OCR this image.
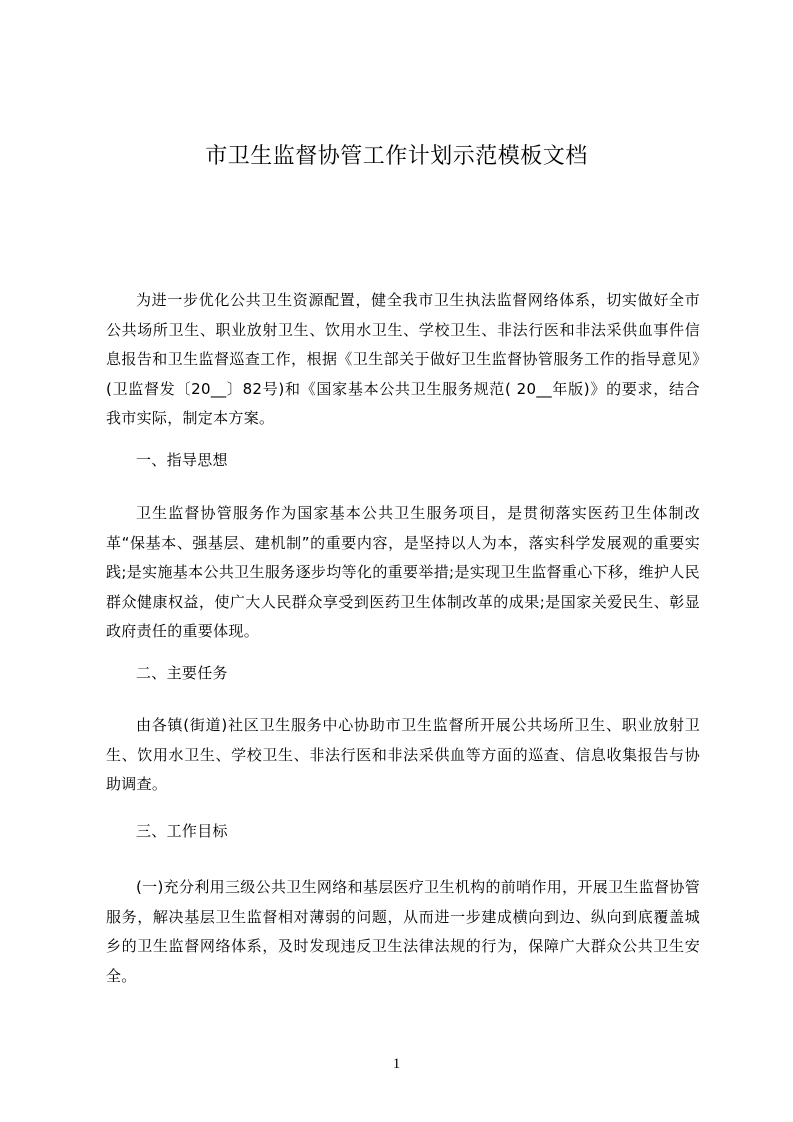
市卫生监督协管工作计划示范模板文档

为进一步优化公共卫生资源配置，健全我市卫生执法监督网络体系，切实做好全市公共场所卫生、职业放射卫生、饮用水卫生、学校卫生、非法行医和非法采供血事件信息报告和卫生监督巡查工作，根据《卫生部关于做好卫生监督协管服务工作的指导意见》(卫监督发〔20__〕82号)和《国家基本公共卫生服务规范( 20__年版)》的要求，结合我市实际，制定本方案。

一、指导思想

卫生监督协管服务作为国家基本公共卫生服务项目，是贯彻落实医药卫生体制改革“保基本、强基层、建机制”的重要内容，是坚持以人为本，落实科学发展观的重要实践;是实施基本公共卫生服务逐步均等化的重要举措;是实现卫生监督重心下移，维护人民群众健康权益，使广大人民群众享受到医药卫生体制改革的成果;是国家关爱民生、彰显政府责任的重要体现。

二、主要任务

由各镇(街道)社区卫生服务中心协助市卫生监督所开展公共场所卫生、职业放射卫生、饮用水卫生、学校卫生、非法行医和非法采供血等方面的巡查、信息收集报告与协助调查。

三、工作目标

(一)充分利用三级公共卫生网络和基层医疗卫生机构的前哨作用，开展卫生监督协管服务，解决基层卫生监督相对薄弱的问题，从而进一步建成横向到边、纵向到底覆盖城乡的卫生监督网络体系，及时发现违反卫生法律法规的行为，保障广大群众公共卫生安全。

1
